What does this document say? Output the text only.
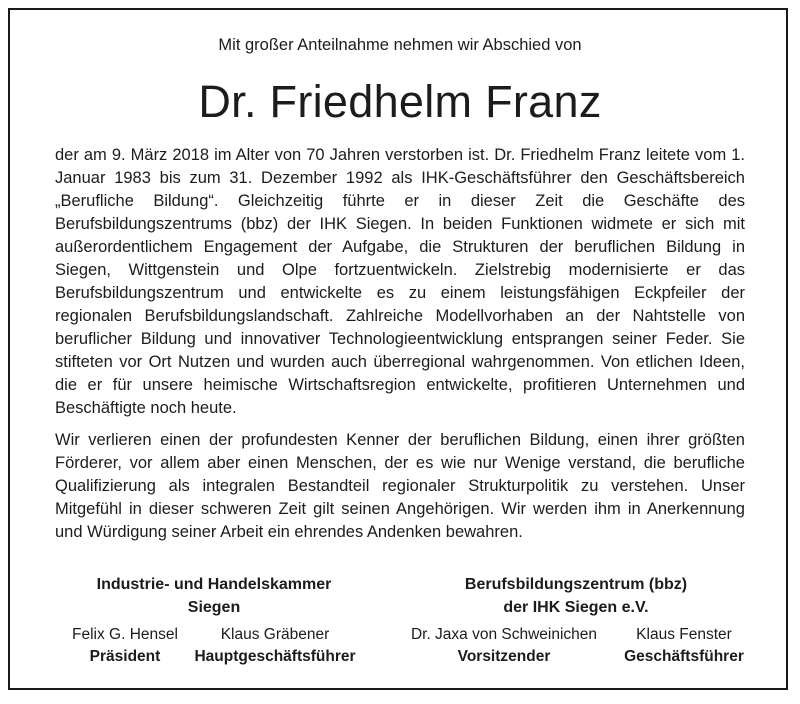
Mit großer Anteilnahme nehmen wir Abschied von
Dr. Friedhelm Franz

der am 9. März 2018 im Alter von 70 Jahren verstorben ist. Dr. Friedhelm Franz leitete vom 1. Januar 1983 bis zum 31. Dezember 1992 als IHK-Geschäftsführer den Geschäftsbereich „Berufliche Bildung“. Gleichzeitig führte er in dieser Zeit die Geschäfte des Berufsbildungszentrums (bbz) der IHK Siegen. In beiden Funktionen widmete er sich mit außerordentlichem Engagement der Aufgabe, die Strukturen der beruflichen Bildung in Siegen, Wittgenstein und Olpe fortzuentwickeln. Zielstrebig modernisierte er das Berufsbildungszentrum und entwickelte es zu einem leistungsfähigen Eckpfeiler der regionalen Berufsbildungslandschaft. Zahlreiche Modellvorhaben an der Nahtstelle von beruflicher Bildung und innovativer Technologieentwicklung entsprangen seiner Feder. Sie stifteten vor Ort Nutzen und wurden auch überregional wahrgenommen. Von etlichen Ideen, die er für unsere heimische Wirtschaftsregion entwickelte, profitieren Unternehmen und Beschäftigte noch heute.

Wir verlieren einen der profundesten Kenner der beruflichen Bildung, einen ihrer größten Förderer, vor allem aber einen Menschen, der es wie nur Wenige verstand, die berufliche Qualifizierung als integralen Bestandteil regionaler Strukturpolitik zu verstehen. Unser Mitgefühl in dieser schweren Zeit gilt seinen Angehörigen. Wir werden ihm in Anerkennung und Würdigung seiner Arbeit ein ehrendes Andenken bewahren.

Industrie- und Handelskammer
Siegen
Berufsbildungszentrum (bbz)
der IHK Siegen e.V.
Felix G. Hensel
Präsident
Klaus Gräbener
Hauptgeschäftsführer
Dr. Jaxa von Schweinichen
Vorsitzender
Klaus Fenster
Geschäftsführer
